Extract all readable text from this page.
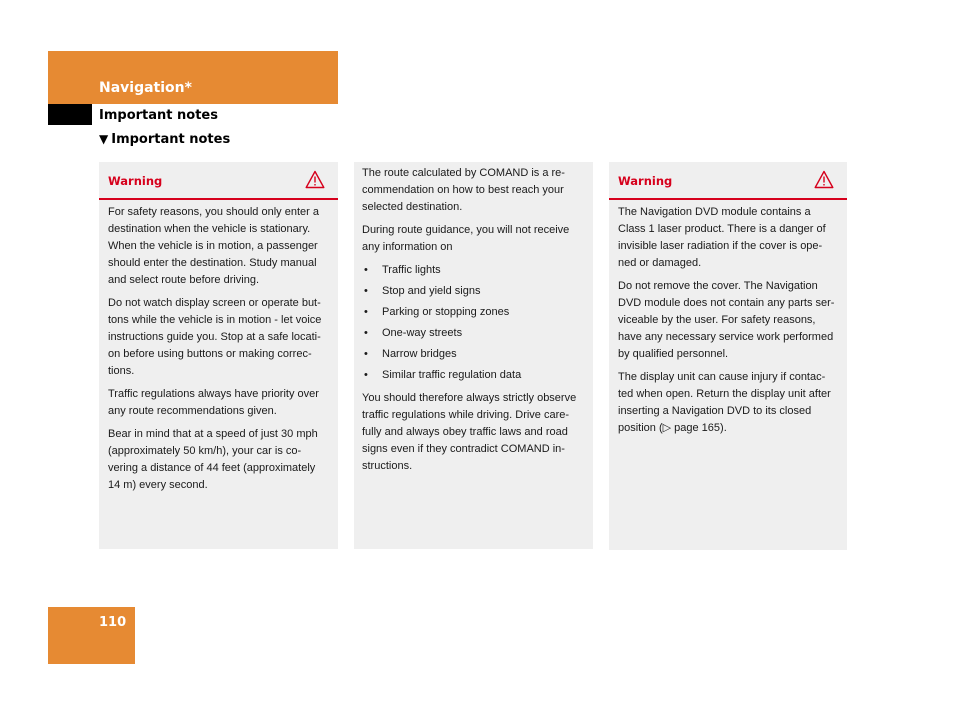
Navigation*
Important notes
▼ Important notes
Warning

For safety reasons, you should only enter a destination when the vehicle is stationary. When the vehicle is in motion, a passenger should enter the destination. Study manual and select route before driving.

Do not watch display screen or operate but-tons while the vehicle is in motion - let voice instructions guide you. Stop at a safe locati-on before using buttons or making correc-tions.

Traffic regulations always have priority over any route recommendations given.

Bear in mind that at a speed of just 30 mph (approximately 50 km/h), your car is co-vering a distance of 44 feet (approximately 14 m) every second.

The route calculated by COMAND is a re-commendation on how to best reach your selected destination.

During route guidance, you will not receive any information on

• Traffic lights
• Stop and yield signs
• Parking or stopping zones
• One-way streets
• Narrow bridges
• Similar traffic regulation data

You should therefore always strictly observe traffic regulations while driving. Drive care-fully and always obey traffic laws and road signs even if they contradict COMAND in-structions.

Warning

The Navigation DVD module contains a Class 1 laser product. There is a danger of invisible laser radiation if the cover is ope-ned or damaged.

Do not remove the cover. The Navigation DVD module does not contain any parts ser-viceable by the user. For safety reasons, have any necessary service work performed by qualified personnel.

The display unit can cause injury if contac-ted when open. Return the display unit after inserting a Navigation DVD to its closed position (▷ page 165).

110
